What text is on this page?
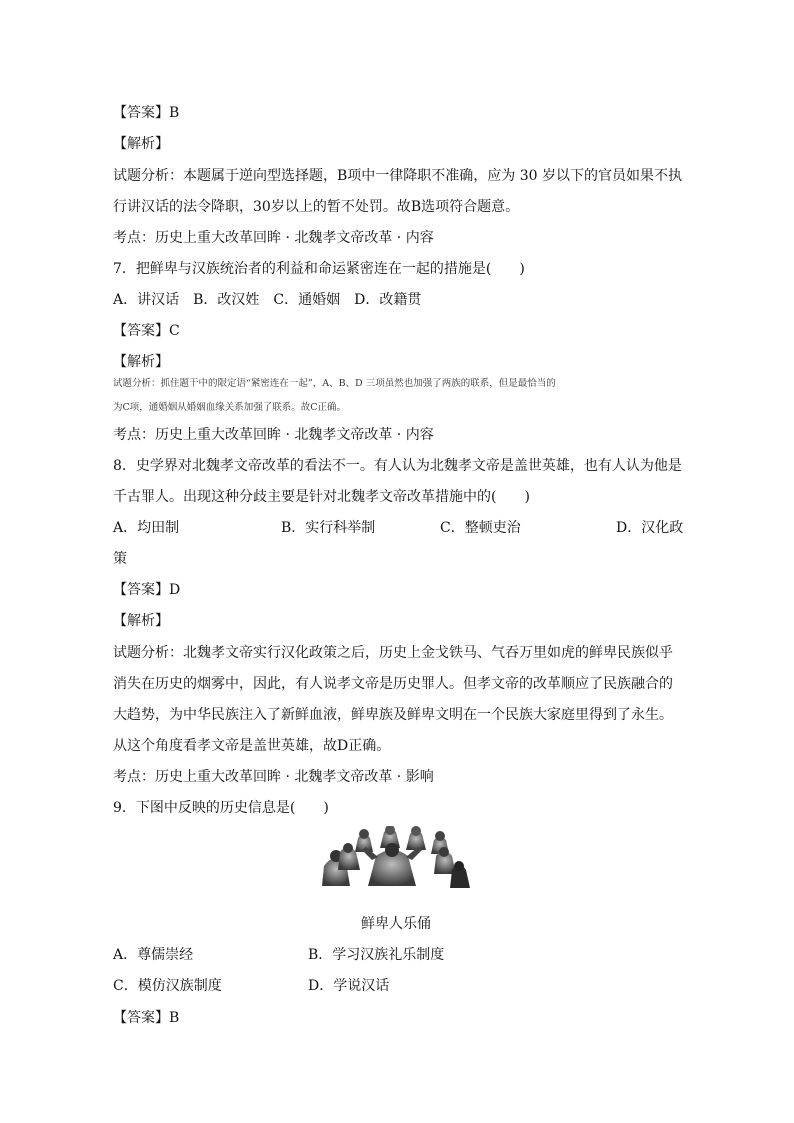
【答案】B
【解析】
试题分析：本题属于逆向型选择题，B项中一律降职不准确，应为 30 岁以下的官员如果不执
行讲汉话的法令降职，30岁以上的暂不处罚。故B选项符合题意。
考点：历史上重大改革回眸 · 北魏孝文帝改革 · 内容
7．把鲜卑与汉族统治者的利益和命运紧密连在一起的措施是(　　)
A．讲汉话　B．改汉姓　C．通婚姻　D．改籍贯
【答案】C
【解析】
试题分析：抓住题干中的限定语“紧密连在一起”，A、B、D 三项虽然也加强了两族的联系，但是最恰当的
为C项，通婚姻从婚姻血缘关系加强了联系。故C正确。
考点：历史上重大改革回眸 · 北魏孝文帝改革 · 内容
8．史学界对北魏孝文帝改革的看法不一。有人认为北魏孝文帝是盖世英雄，也有人认为他是
千古罪人。出现这种分歧主要是针对北魏孝文帝改革措施中的(　　)
A．均田制	B．实行科举制	C．整顿吏治	D．汉化政
策
【答案】D
【解析】
试题分析：北魏孝文帝实行汉化政策之后，历史上金戈铁马、气吞万里如虎的鲜卑民族似乎
消失在历史的烟雾中，因此，有人说孝文帝是历史罪人。但孝文帝的改革顺应了民族融合的
大趋势，为中华民族注入了新鲜血液，鲜卑族及鲜卑文明在一个民族大家庭里得到了永生。
从这个角度看孝文帝是盖世英雄，故D正确。
考点：历史上重大改革回眸 · 北魏孝文帝改革 · 影响
9．下图中反映的历史信息是(　　)
鲜卑人乐俑
A．尊儒崇经	B．学习汉族礼乐制度
C．模仿汉族制度	D．学说汉话
【答案】B
